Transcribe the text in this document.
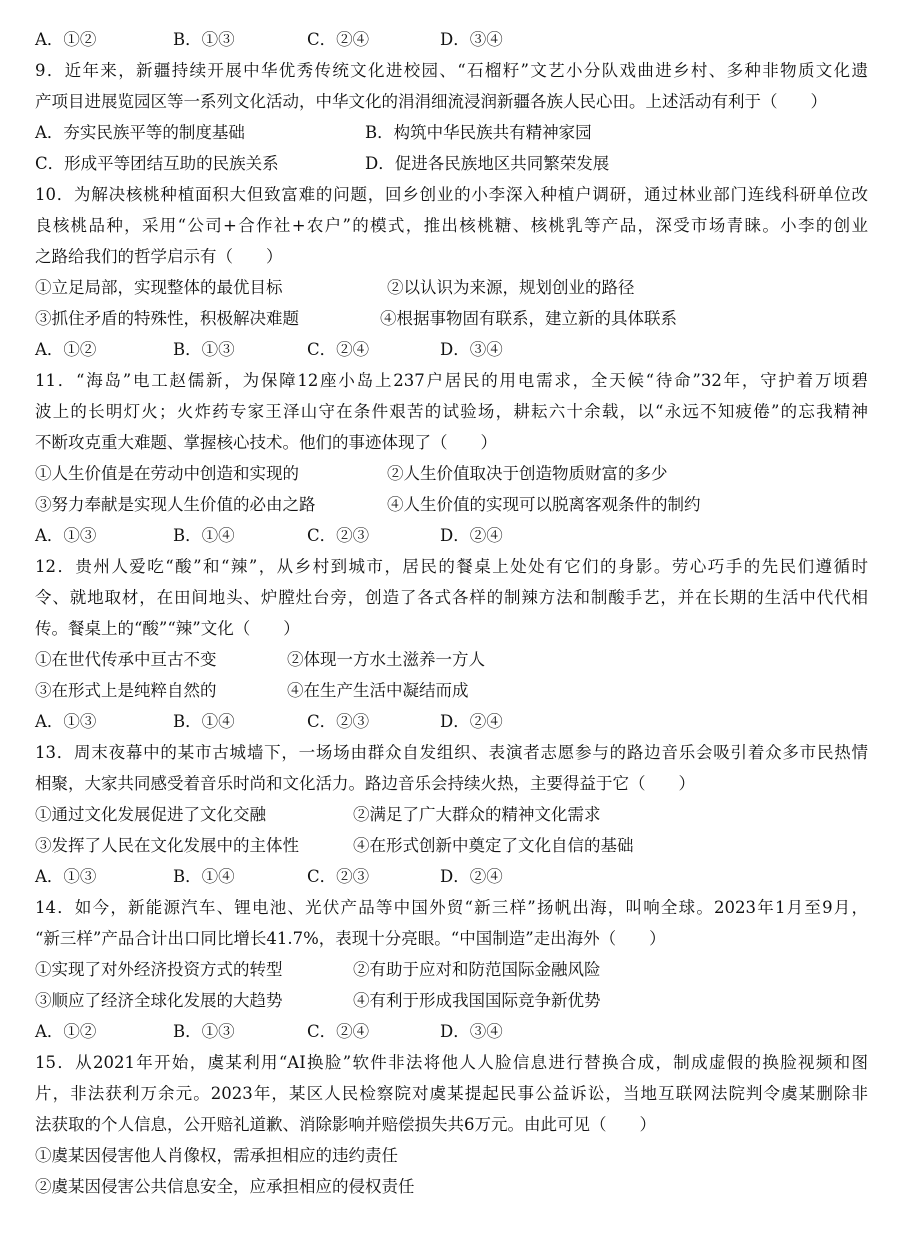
A．①②	B．①③	C．②④	D．③④
9．近年来，新疆持续开展中华优秀传统文化进校园、“石榴籽”文艺小分队戏曲进乡村、多种非物质文化遗
产项目进展览园区等一系列文化活动，中华文化的涓涓细流浸润新疆各族人民心田。上述活动有利于（　　）
A．夯实民族平等的制度基础	B．构筑中华民族共有精神家园
C．形成平等团结互助的民族关系	D．促进各民族地区共同繁荣发展
10．为解决核桃种植面积大但致富难的问题，回乡创业的小李深入种植户调研，通过林业部门连线科研单位改
良核桃品种，采用“公司+合作社+农户”的模式，推出核桃糖、核桃乳等产品，深受市场青睐。小李的创业
之路给我们的哲学启示有（　　）
①立足局部，实现整体的最优目标	②以认识为来源，规划创业的路径
③抓住矛盾的特殊性，积极解决难题	④根据事物固有联系，建立新的具体联系
A．①②	B．①③	C．②④	D．③④
11．“海岛”电工赵儒新，为保障12座小岛上237户居民的用电需求，全天候“待命”32年，守护着万顷碧
波上的长明灯火；火炸药专家王泽山守在条件艰苦的试验场，耕耘六十余载，以“永远不知疲倦”的忘我精神
不断攻克重大难题、掌握核心技术。他们的事迹体现了（　　）
①人生价值是在劳动中创造和实现的	②人生价值取决于创造物质财富的多少
③努力奉献是实现人生价值的必由之路	④人生价值的实现可以脱离客观条件的制约
A．①③	B．①④	C．②③	D．②④
12．贵州人爱吃“酸”和“辣”，从乡村到城市，居民的餐桌上处处有它们的身影。劳心巧手的先民们遵循时
令、就地取材，在田间地头、炉膛灶台旁，创造了各式各样的制辣方法和制酸手艺，并在长期的生活中代代相
传。餐桌上的“酸”“辣”文化（　　）
①在世代传承中亘古不变	②体现一方水土滋养一方人
③在形式上是纯粹自然的	④在生产生活中凝结而成
A．①③	B．①④	C．②③	D．②④
13．周末夜幕中的某市古城墙下，一场场由群众自发组织、表演者志愿参与的路边音乐会吸引着众多市民热情
相聚，大家共同感受着音乐时尚和文化活力。路边音乐会持续火热，主要得益于它（　　）
①通过文化发展促进了文化交融	②满足了广大群众的精神文化需求
③发挥了人民在文化发展中的主体性	④在形式创新中奠定了文化自信的基础
A．①③	B．①④	C．②③	D．②④
14．如今，新能源汽车、锂电池、光伏产品等中国外贸“新三样”扬帆出海，叫响全球。2023年1月至9月，
“新三样”产品合计出口同比增长41.7%，表现十分亮眼。“中国制造”走出海外（　　）
①实现了对外经济投资方式的转型	②有助于应对和防范国际金融风险
③顺应了经济全球化发展的大趋势	④有利于形成我国国际竞争新优势
A．①②	B．①③	C．②④	D．③④
15．从2021年开始，虞某利用“AI换脸”软件非法将他人人脸信息进行替换合成，制成虚假的换脸视频和图
片，非法获利万余元。2023年，某区人民检察院对虞某提起民事公益诉讼，当地互联网法院判令虞某删除非
法获取的个人信息，公开赔礼道歉、消除影响并赔偿损失共6万元。由此可见（　　）
①虞某因侵害他人肖像权，需承担相应的违约责任
②虞某因侵害公共信息安全，应承担相应的侵权责任
